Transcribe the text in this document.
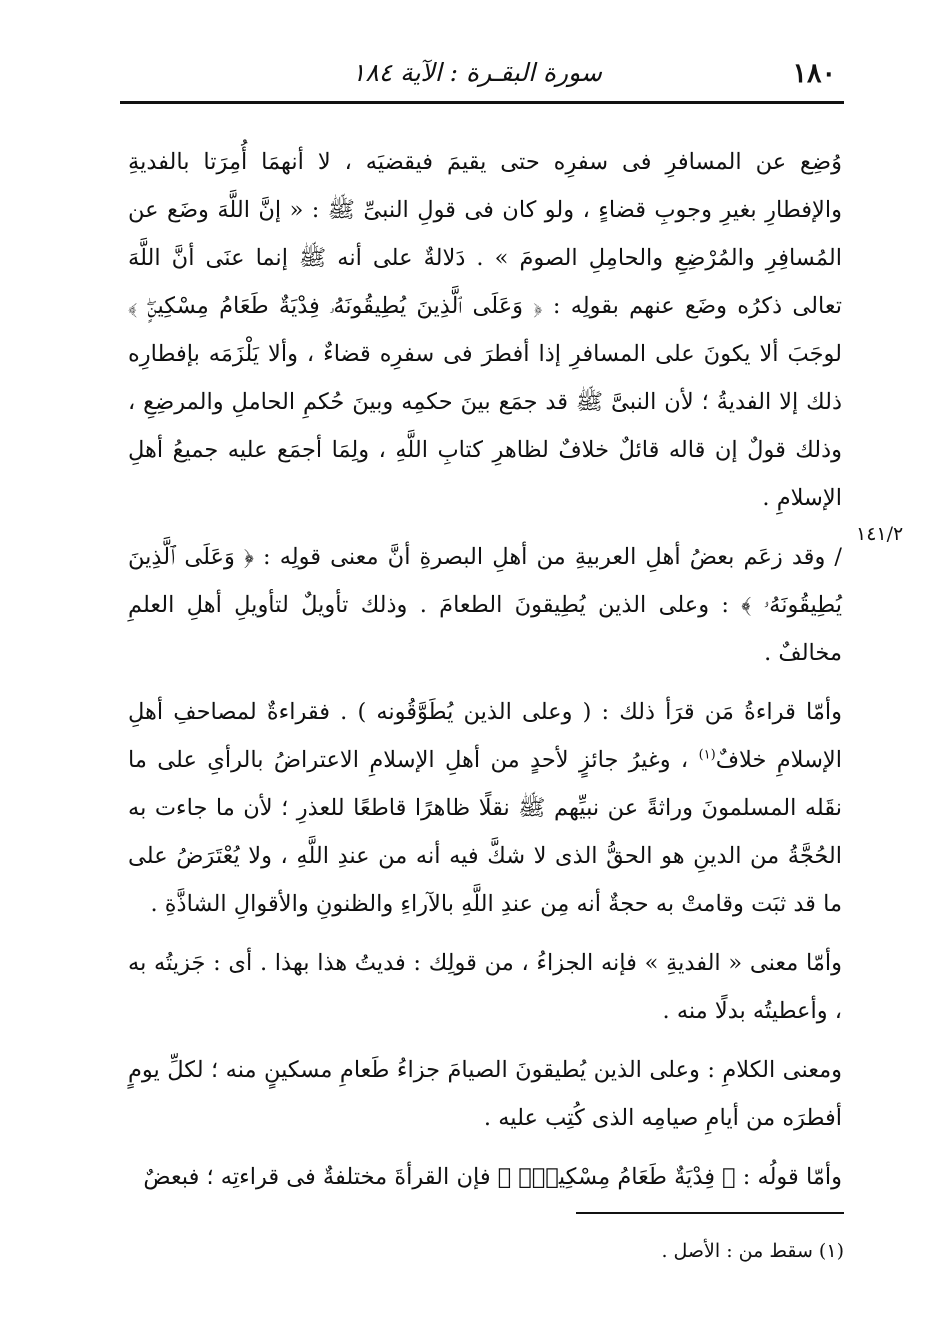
١٨٠
سورة البقـرة : الآية ١٨٤
١٤١/٢

وُضِع عن المسافرِ فى سفرِه حتى يقيمَ فيقضيَه ، لا أنهمَا أُمِرَتا بالفديةِ والإفطارِ بغيرِ وجوبِ قضاءٍ ، ولو كان فى قولِ النبىِّ ﷺ : « إنَّ اللَّهَ وضَع عن المُسافِرِ والمُرْضِعِ والحامِلِ الصومَ » . دَلالةٌ على أنه ﷺ إنما عنَى أنَّ اللَّهَ تعالى ذكرُه وضَع عنهم بقولِه : ﴿ وَعَلَى ٱلَّذِينَ يُطِيقُونَهُۥ فِدْيَةٌ طَعَامُ مِسْكِينٍۖ ﴾ لوجَبَ ألا يكونَ على المسافرِ إذا أفطرَ فى سفرِه قضاءٌ ، وألا يَلْزَمَه بإفطارِه ذلك إلا الفديةُ ؛ لأن النبىَّ ﷺ قد جمَع بينَ حكمِه وبينَ حُكمِ الحاملِ والمرضِعِ ، وذلك قولٌ إن قاله قائلٌ خلافٌ لظاهرِ كتابِ اللَّهِ ، ولِمَا أجمَع عليه جميعُ أهلِ الإسلامِ .

/ وقد زعَم بعضُ أهلِ العربيةِ من أهلِ البصرةِ أنَّ معنى قولِه : ﴿ وَعَلَى ٱلَّذِينَ يُطِيقُونَهُۥ ﴾ : وعلى الذين يُطِيقونَ الطعامَ . وذلك تأويلٌ لتأويلِ أهلِ العلمِ مخالفٌ .

وأمّا قراءةُ مَن قرَأ ذلك : ( وعلى الذين يُطَوَّقُونه ) . فقراءةٌ لمصاحفِ أهلِ الإسلامِ خلافٌ$^{(١)}$ ، وغيرُ جائزٍ لأحدٍ من أهلِ الإسلامِ الاعتراضُ بالرأىِ على ما نقَله المسلمونَ وراثةً عن نبيِّهم ﷺ نقلًا ظاهرًا قاطعًا للعذرِ ؛ لأن ما جاءت به الحُجَّةُ من الدينِ هو الحقُّ الذى لا شكَّ فيه أنه من عندِ اللَّهِ ، ولا يُعْتَرَضُ على ما قد ثبَت وقامتْ به حجةٌ أنه مِن عندِ اللَّهِ بالآراءِ والظنونِ والأقوالِ الشاذَّةِ .

وأمّا معنى « الفديةِ » فإنه الجزاءُ ، من قولِك : فديتُ هذا بهذا . أى : جَزيتُه به ، وأعطيتُه بدلًا منه .

ومعنى الكلامِ : وعلى الذين يُطيقونَ الصيامَ جزاءُ طَعامِ مسكينٍ منه ؛ لكلِّ يومٍ أفطرَه من أيامِ صيامِه الذى كُتِب عليه .

وأمّا قولُه : ﴿ فِدْيَةٌ طَعَامُ مِسْكِينٍۖ ﴾ فإن القرأةَ مختلفةٌ فى قراءتِه ؛ فبعضٌ

(١) سقط من : الأصل .
